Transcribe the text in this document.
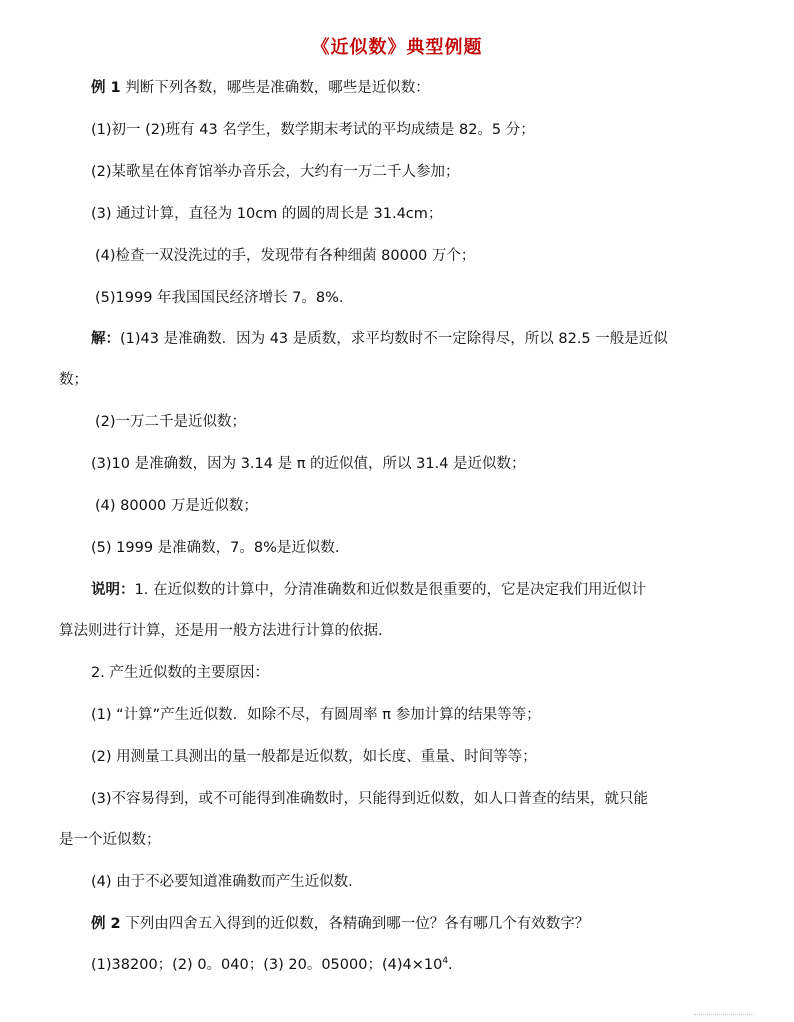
《近似数》典型例题
例 1 判断下列各数，哪些是准确数，哪些是近似数：
(1)初一 (2)班有 43 名学生，数学期末考试的平均成绩是 82。5 分；
(2)某歌星在体育馆举办音乐会，大约有一万二千人参加；
(3) 通过计算，直径为 10cm 的圆的周长是 31.4cm；
(4)检查一双没洗过的手，发现带有各种细菌 80000 万个；
(5)1999 年我国国民经济增长 7。8%.
解：(1)43 是准确数．因为 43 是质数，求平均数时不一定除得尽，所以 82.5 一般是近似
数；
(2)一万二千是近似数；
(3)10 是准确数，因为 3.14 是 π 的近似值，所以 31.4 是近似数；
(4) 80000 万是近似数；
(5) 1999 是准确数，7。8%是近似数.
说明：1. 在近似数的计算中，分清准确数和近似数是很重要的，它是决定我们用近似计
算法则进行计算，还是用一般方法进行计算的依据.
2. 产生近似数的主要原因：
(1) “计算”产生近似数．如除不尽，有圆周率 π 参加计算的结果等等；
(2) 用测量工具测出的量一般都是近似数，如长度、重量、时间等等；
(3)不容易得到，或不可能得到准确数时，只能得到近似数，如人口普查的结果，就只能
是一个近似数；
(4) 由于不必要知道准确数而产生近似数.
例 2 下列由四舍五入得到的近似数，各精确到哪一位？各有哪几个有效数字？
(1)38200；(2) 0。040；(3) 20。05000；$(4)4\times 10^4$.
